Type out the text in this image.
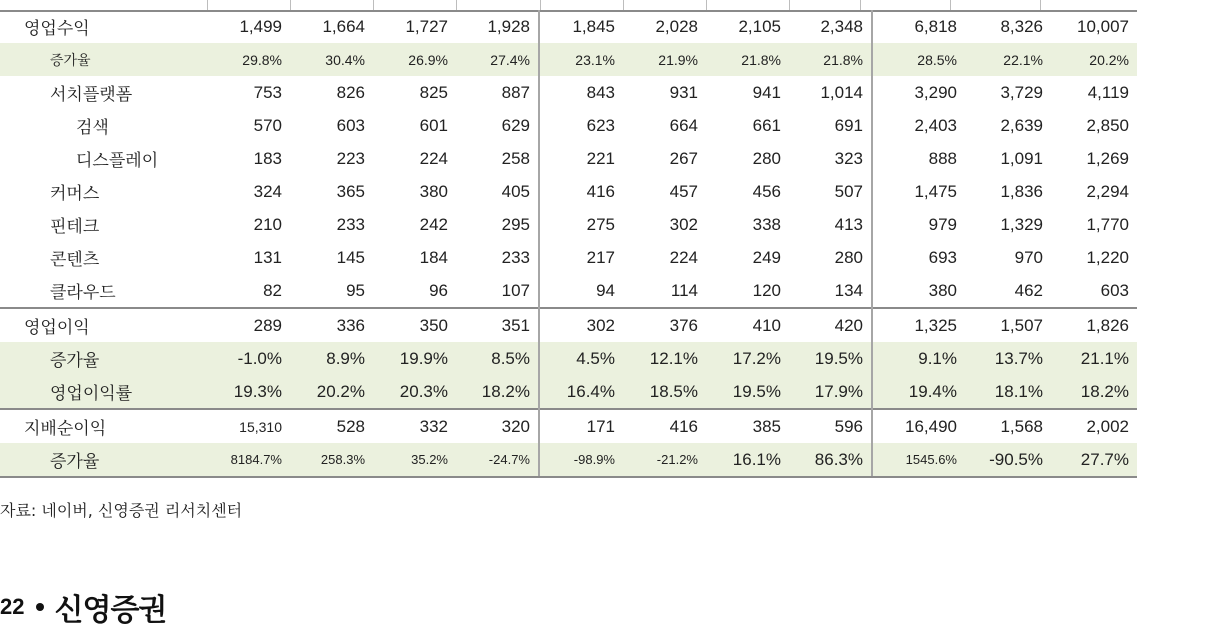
영업수익	1,499	1,664	1,727	1,928	1,845	2,028	2,105	2,348	6,818	8,326	10,007
증가율	29.8%	30.4%	26.9%	27.4%	23.1%	21.9%	21.8%	21.8%	28.5%	22.1%	20.2%
서치플랫폼	753	826	825	887	843	931	941	1,014	3,290	3,729	4,119
검색	570	603	601	629	623	664	661	691	2,403	2,639	2,850
디스플레이	183	223	224	258	221	267	280	323	888	1,091	1,269
커머스	324	365	380	405	416	457	456	507	1,475	1,836	2,294
핀테크	210	233	242	295	275	302	338	413	979	1,329	1,770
콘텐츠	131	145	184	233	217	224	249	280	693	970	1,220
클라우드	82	95	96	107	94	114	120	134	380	462	603
영업이익	289	336	350	351	302	376	410	420	1,325	1,507	1,826
증가율	-1.0%	8.9%	19.9%	8.5%	4.5%	12.1%	17.2%	19.5%	9.1%	13.7%	21.1%
영업이익률	19.3%	20.2%	20.3%	18.2%	16.4%	18.5%	19.5%	17.9%	19.4%	18.1%	18.2%
지배순이익	15,310	528	332	320	171	416	385	596	16,490	1,568	2,002
증가율	8184.7%	258.3%	35.2%	-24.7%	-98.9%	-21.2%	16.1%	86.3%	1545.6%	-90.5%	27.7%
자료: 네이버, 신영증권 리서치센터
22 신영증권
